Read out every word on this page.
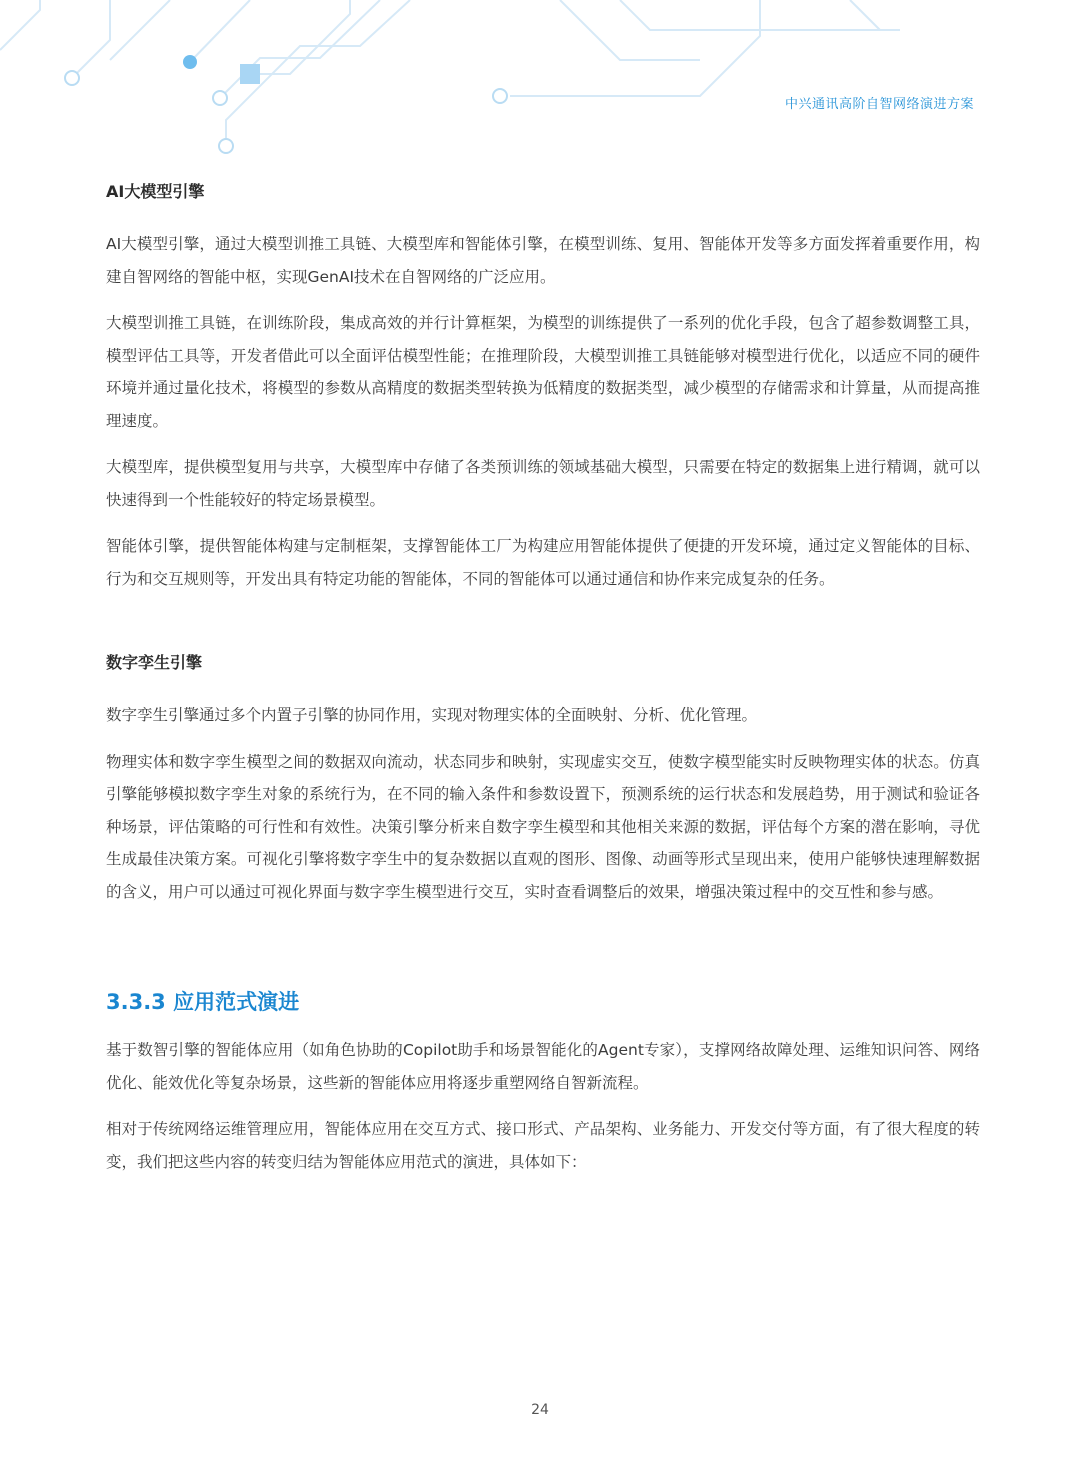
中兴通讯高阶自智网络演进方案
AI大模型引擎

AI大模型引擎，通过大模型训推工具链、大模型库和智能体引擎，在模型训练、复用、智能体开发等多方面发挥着重要作用，构建自智网络的智能中枢，实现GenAI技术在自智网络的广泛应用。

大模型训推工具链，在训练阶段，集成高效的并行计算框架，为模型的训练提供了一系列的优化手段，包含了超参数调整工具，模型评估工具等，开发者借此可以全面评估模型性能；在推理阶段，大模型训推工具链能够对模型进行优化，以适应不同的硬件环境并通过量化技术，将模型的参数从高精度的数据类型转换为低精度的数据类型，减少模型的存储需求和计算量，从而提高推理速度。

大模型库，提供模型复用与共享，大模型库中存储了各类预训练的领域基础大模型，只需要在特定的数据集上进行精调，就可以快速得到一个性能较好的特定场景模型。

智能体引擎，提供智能体构建与定制框架，支撑智能体工厂为构建应用智能体提供了便捷的开发环境，通过定义智能体的目标、行为和交互规则等，开发出具有特定功能的智能体，不同的智能体可以通过通信和协作来完成复杂的任务。

数字孪生引擎

数字孪生引擎通过多个内置子引擎的协同作用，实现对物理实体的全面映射、分析、优化管理。

物理实体和数字孪生模型之间的数据双向流动，状态同步和映射，实现虚实交互，使数字模型能实时反映物理实体的状态。仿真引擎能够模拟数字孪生对象的系统行为，在不同的输入条件和参数设置下，预测系统的运行状态和发展趋势，用于测试和验证各种场景，评估策略的可行性和有效性。决策引擎分析来自数字孪生模型和其他相关来源的数据，评估每个方案的潜在影响，寻优生成最佳决策方案。可视化引擎将数字孪生中的复杂数据以直观的图形、图像、动画等形式呈现出来，使用户能够快速理解数据的含义，用户可以通过可视化界面与数字孪生模型进行交互，实时查看调整后的效果，增强决策过程中的交互性和参与感。

3.3.3 应用范式演进

基于数智引擎的智能体应用（如角色协助的Copilot助手和场景智能化的Agent专家），支撑网络故障处理、运维知识问答、网络优化、能效优化等复杂场景，这些新的智能体应用将逐步重塑网络自智新流程。

相对于传统网络运维管理应用，智能体应用在交互方式、接口形式、产品架构、业务能力、开发交付等方面，有了很大程度的转变，我们把这些内容的转变归结为智能体应用范式的演进，具体如下：

24
